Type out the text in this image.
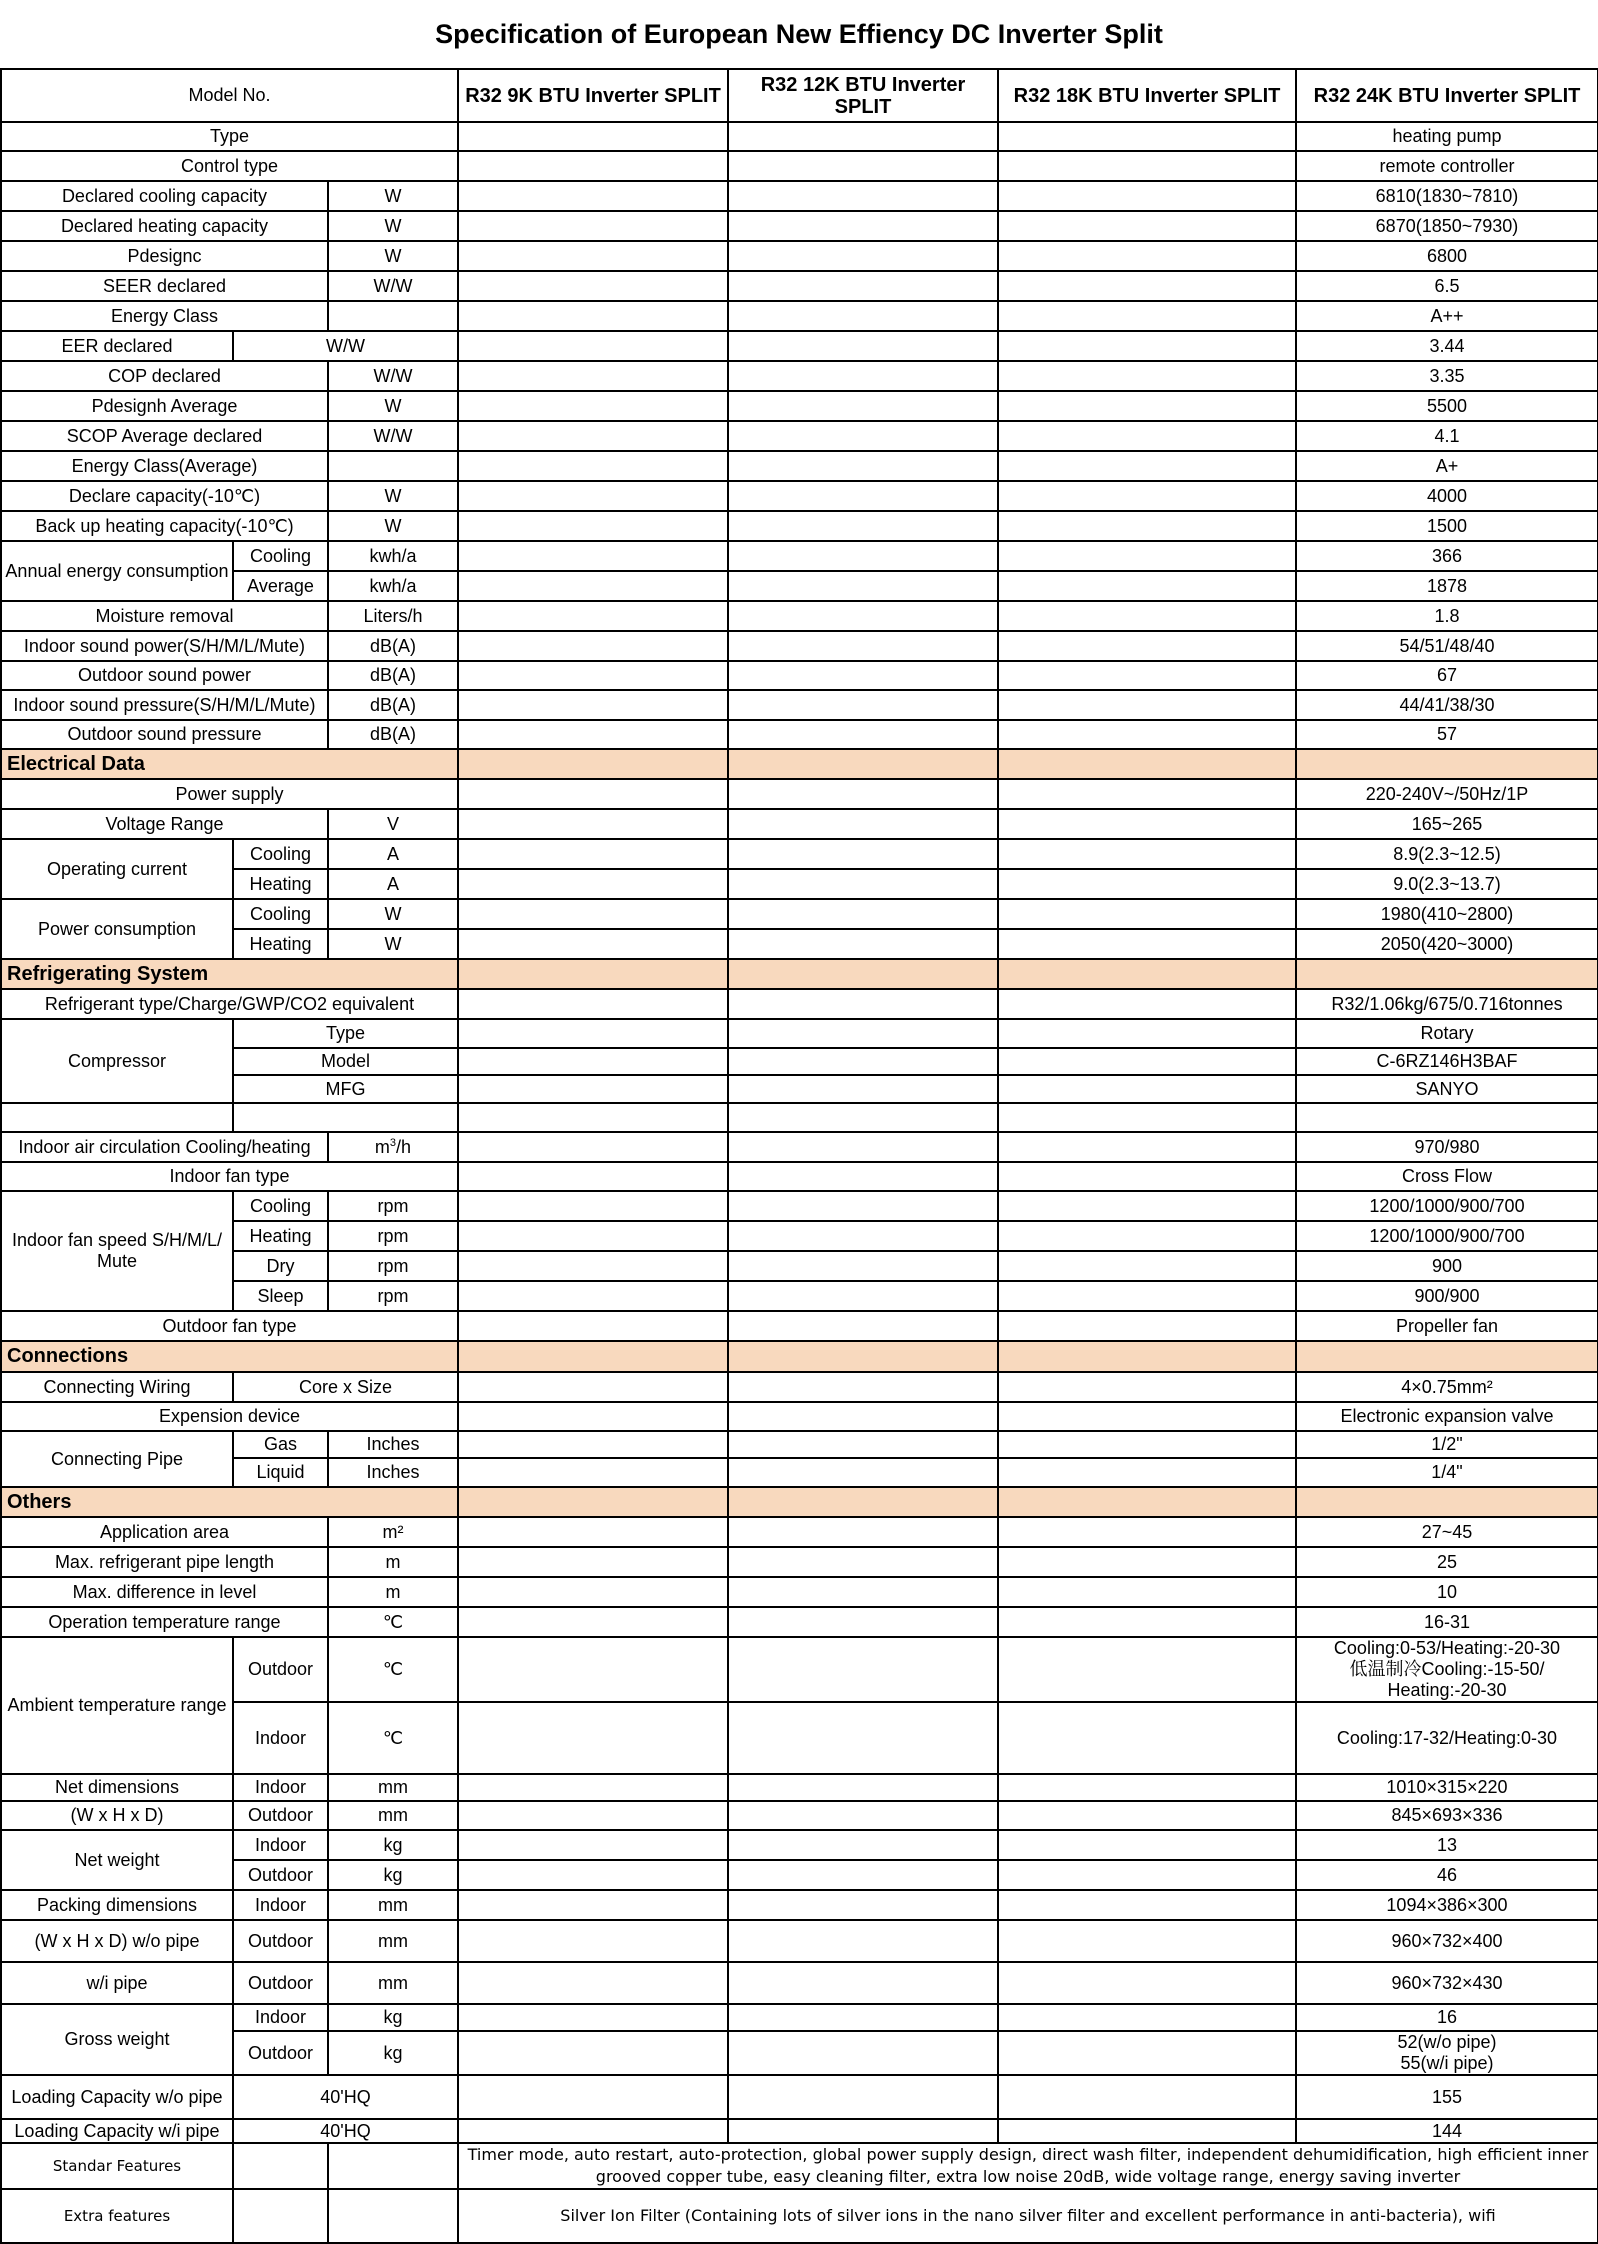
Specification of European New Effiency DC Inverter Split
Model No.			R32 9K BTU Inverter SPLIT	R32 12K BTU Inverter SPLIT	R32 18K BTU Inverter SPLIT	R32 24K BTU Inverter SPLIT
Type						heating pump
Control type						remote controller
Declared cooling capacity		W				6810(1830~7810)
Declared heating capacity		W				6870(1850~7930)
Pdesignc		W				6800
SEER declared		W/W				6.5
Energy Class						A++
EER declared	W/W					3.44
COP declared		W/W				3.35
Pdesignh Average		W				5500
SCOP Average declared		W/W				4.1
Energy Class(Average)						A+
Declare capacity(-10℃)		W				4000
Back up heating capacity(-10℃)		W				1500
Annual energy consumption	Cooling	kwh/a				366
	Average	kwh/a				1878
Moisture removal		Liters/h				1.8
Indoor sound power(S/H/M/L/Mute)		dB(A)				54/51/48/40
Outdoor sound power		dB(A)				67
Indoor sound pressure(S/H/M/L/Mute)		dB(A)				44/41/38/30
Outdoor sound pressure		dB(A)				57
Electrical Data						
Power supply						220-240V~/50Hz/1P
Voltage Range		V				165~265
Operating current	Cooling	A				8.9(2.3~12.5)
	Heating	A				9.0(2.3~13.7)
Power consumption	Cooling	W				1980(410~2800)
	Heating	W				2050(420~3000)
Refrigerating System						
Refrigerant type/Charge/GWP/CO2 equivalent						R32/1.06kg/675/0.716tonnes
Compressor	Type					Rotary
	Model					C-6RZ146H3BAF
	MFG					SANYO

Indoor air circulation Cooling/heating		$m^3/h$				970/980
Indoor fan type						Cross Flow
Indoor fan speed S/H/M/L/ Mute	Cooling	rpm				1200/1000/900/700
	Heating	rpm				1200/1000/900/700
	Dry	rpm				900
	Sleep	rpm				900/900
Outdoor fan type						Propeller fan
Connections						
Connecting Wiring	Core x Size					4×0.75mm²
Expension device						Electronic expansion valve
Connecting Pipe	Gas	Inches				1/2"
	Liquid	Inches				1/4"
Others						
Application area		m²				27~45
Max. refrigerant pipe length		m				25
Max. difference in level		m				10
Operation temperature range		℃				16-31
Ambient temperature range	Outdoor	℃				Cooling:0-53/Heating:-20-30
低温制冷Cooling:-15-50/
Heating:-20-30
	Indoor	℃				Cooling:17-32/Heating:0-30
Net dimensions	Indoor	mm				1010×315×220
(W x H x D)	Outdoor	mm				845×693×336
Net weight	Indoor	kg				13
	Outdoor	kg				46
Packing dimensions	Indoor	mm				1094×386×300
(W x H x D) w/o pipe	Outdoor	mm				960×732×400
w/i pipe	Outdoor	mm				960×732×430
Gross weight	Indoor	kg				16
	Outdoor	kg				52(w/o pipe)
55(w/i pipe)
Loading Capacity w/o pipe	40'HQ					155
Loading Capacity w/i pipe	40'HQ					144
Standar Features			Timer mode, auto restart, auto-protection, global power supply design, direct wash filter, independent dehumidification, high efficient inner grooved copper tube, easy cleaning filter, extra low noise 20dB, wide voltage range, energy saving inverter			
Extra features			Silver Ion Filter (Containing lots of silver ions in the nano silver filter and excellent performance in anti-bacteria), wifi			
